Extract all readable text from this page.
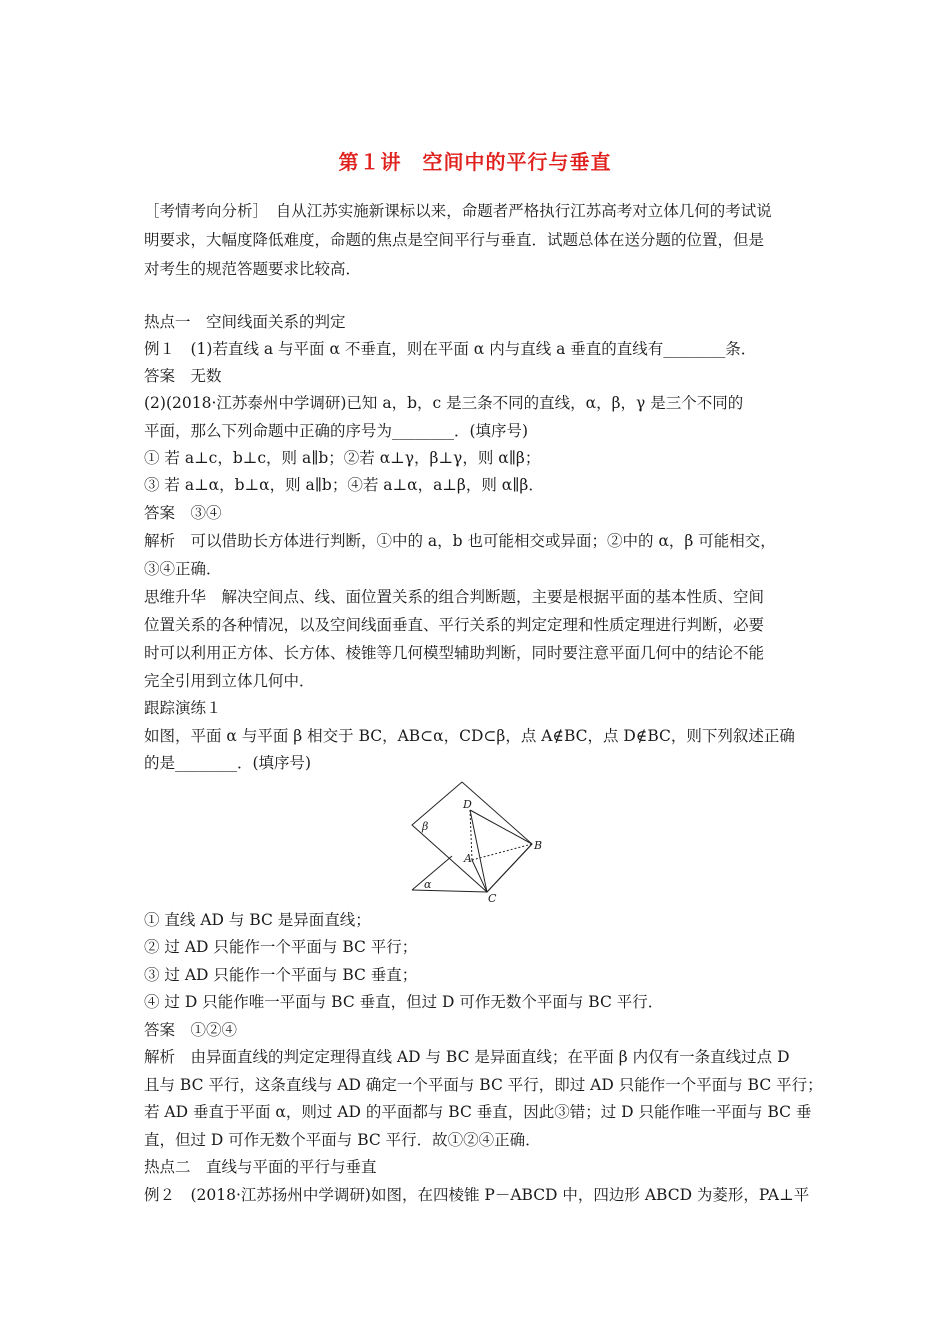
第１讲　空间中的平行与垂直
［考情考向分析］　自从江苏实施新课标以来，命题者严格执行江苏高考对立体几何的考试说
明要求，大幅度降低难度，命题的焦点是空间平行与垂直．试题总体在送分题的位置，但是
对考生的规范答题要求比较高．
热点一　空间线面关系的判定
例１　(1)若直线 a 与平面 α 不垂直，则在平面 α 内与直线 a 垂直的直线有________条．
答案　无数
(2)(2018·江苏泰州中学调研)已知 a，b，c 是三条不同的直线，α，β，γ 是三个不同的
平面，那么下列命题中正确的序号为________．(填序号)
① 若 a⊥c，b⊥c，则 a∥b；②若 α⊥γ，β⊥γ，则 α∥β；
③ 若 a⊥α，b⊥α，则 a∥b；④若 a⊥α，a⊥β，则 α∥β．
答案　③④
解析　可以借助长方体进行判断，①中的 a，b 也可能相交或异面；②中的 α，β 可能相交，
③④正确．
思维升华　解决空间点、线、面位置关系的组合判断题，主要是根据平面的基本性质、空间
位置关系的各种情况，以及空间线面垂直、平行关系的判定定理和性质定理进行判断，必要
时可以利用正方体、长方体、棱锥等几何模型辅助判断，同时要注意平面几何中的结论不能
完全引用到立体几何中．
跟踪演练１
如图，平面 α 与平面 β 相交于 BC，AB⊂α，CD⊂β，点 A∉BC，点 D∉BC，则下列叙述正确
的是________．(填序号)
D
β
B
A
α
C
① 直线 AD 与 BC 是异面直线；
② 过 AD 只能作一个平面与 BC 平行；
③ 过 AD 只能作一个平面与 BC 垂直；
④ 过 D 只能作唯一平面与 BC 垂直，但过 D 可作无数个平面与 BC 平行．
答案　①②④
解析　由异面直线的判定定理得直线 AD 与 BC 是异面直线；在平面 β 内仅有一条直线过点 D
且与 BC 平行，这条直线与 AD 确定一个平面与 BC 平行，即过 AD 只能作一个平面与 BC 平行；
若 AD 垂直于平面 α，则过 AD 的平面都与 BC 垂直，因此③错；过 D 只能作唯一平面与 BC 垂
直，但过 D 可作无数个平面与 BC 平行．故①②④正确．
热点二　直线与平面的平行与垂直
例２　(2018·江苏扬州中学调研)如图，在四棱锥 P－ABCD 中，四边形 ABCD 为菱形，PA⊥平
